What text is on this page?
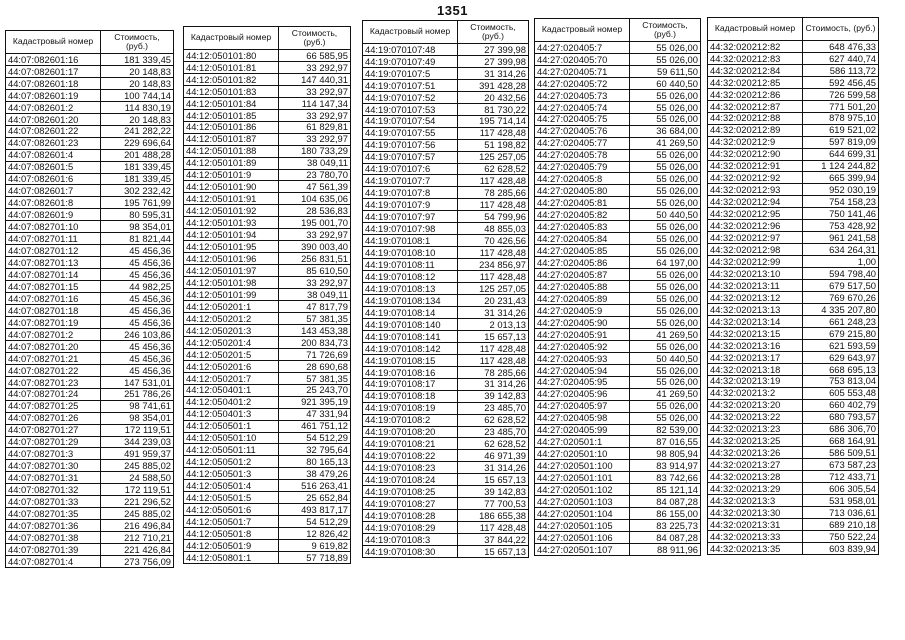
1351
Кадастровый номер	Стоимость, (руб.)
44:07:082601:16	181 339,45
44:07:082601:17	20 148,83
44:07:082601:18	20 148,83
44:07:082601:19	100 744,14
44:07:082601:2	114 830,19
44:07:082601:20	20 148,83
44:07:082601:22	241 282,22
44:07:082601:23	229 696,64
44:07:082601:4	201 488,28
44:07:082601:5	181 339,45
44:07:082601:6	181 339,45
44:07:082601:7	302 232,42
44:07:082601:8	195 761,99
44:07:082601:9	80 595,31
44:07:082701:10	98 354,01
44:07:082701:11	81 821,44
44:07:082701:12	45 456,36
44:07:082701:13	45 456,36
44:07:082701:14	45 456,36
44:07:082701:15	44 982,25
44:07:082701:16	45 456,36
44:07:082701:18	45 456,36
44:07:082701:19	45 456,36
44:07:082701:2	246 103,86
44:07:082701:20	45 456,36
44:07:082701:21	45 456,36
44:07:082701:22	45 456,36
44:07:082701:23	147 531,01
44:07:082701:24	251 786,26
44:07:082701:25	98 741,61
44:07:082701:26	98 354,01
44:07:082701:27	172 119,51
44:07:082701:29	344 239,03
44:07:082701:3	491 959,37
44:07:082701:30	245 885,02
44:07:082701:31	24 588,50
44:07:082701:32	172 119,51
44:07:082701:33	221 296,52
44:07:082701:35	245 885,02
44:07:082701:36	216 496,84
44:07:082701:38	212 710,21
44:07:082701:39	221 426,84
44:07:082701:4	273 756,09
Кадастровый номер	Стоимость, (руб.)
44:12:050101:80	66 585,95
44:12:050101:81	33 292,97
44:12:050101:82	147 440,31
44:12:050101:83	33 292,97
44:12:050101:84	114 147,34
44:12:050101:85	33 292,97
44:12:050101:86	61 829,81
44:12:050101:87	33 292,97
44:12:050101:88	180 733,29
44:12:050101:89	38 049,11
44:12:050101:9	23 780,70
44:12:050101:90	47 561,39
44:12:050101:91	104 635,06
44:12:050101:92	28 536,83
44:12:050101:93	195 001,70
44:12:050101:94	33 292,97
44:12:050101:95	390 003,40
44:12:050101:96	256 831,51
44:12:050101:97	85 610,50
44:12:050101:98	33 292,97
44:12:050101:99	38 049,11
44:12:050201:1	47 817,79
44:12:050201:2	57 381,35
44:12:050201:3	143 453,38
44:12:050201:4	200 834,73
44:12:050201:5	71 726,69
44:12:050201:6	28 690,68
44:12:050201:7	57 381,35
44:12:050401:1	25 243,70
44:12:050401:2	921 395,19
44:12:050401:3	47 331,94
44:12:050501:1	461 751,12
44:12:050501:10	54 512,29
44:12:050501:11	32 795,64
44:12:050501:2	80 165,13
44:12:050501:3	38 479,26
44:12:050501:4	516 263,41
44:12:050501:5	25 652,84
44:12:050501:6	493 817,17
44:12:050501:7	54 512,29
44:12:050501:8	12 826,42
44:12:050501:9	9 619,82
44:12:050801:1	57 718,89
Кадастровый номер	Стоимость, (руб.)
44:19:070107:48	27 399,98
44:19:070107:49	27 399,98
44:19:070107:5	31 314,26
44:19:070107:51	391 428,28
44:19:070107:52	20 432,56
44:19:070107:53	81 730,22
44:19:070107:54	195 714,14
44:19:070107:55	117 428,48
44:19:070107:56	51 198,82
44:19:070107:57	125 257,05
44:19:070107:6	62 628,52
44:19:070107:7	117 428,48
44:19:070107:8	78 285,66
44:19:070107:9	117 428,48
44:19:070107:97	54 799,96
44:19:070107:98	48 855,03
44:19:070108:1	70 426,56
44:19:070108:10	117 428,48
44:19:070108:11	234 856,97
44:19:070108:12	117 428,48
44:19:070108:13	125 257,05
44:19:070108:134	20 231,43
44:19:070108:14	31 314,26
44:19:070108:140	2 013,13
44:19:070108:141	15 657,13
44:19:070108:142	117 428,48
44:19:070108:15	117 428,48
44:19:070108:16	78 285,66
44:19:070108:17	31 314,26
44:19:070108:18	39 142,83
44:19:070108:19	23 485,70
44:19:070108:2	62 628,52
44:19:070108:20	23 485,70
44:19:070108:21	62 628,52
44:19:070108:22	46 971,39
44:19:070108:23	31 314,26
44:19:070108:24	15 657,13
44:19:070108:25	39 142,83
44:19:070108:27	77 700,53
44:19:070108:28	186 655,38
44:19:070108:29	117 428,48
44:19:070108:3	37 844,22
44:19:070108:30	15 657,13
Кадастровый номер	Стоимость, (руб.)
44:27:020405:7	55 026,00
44:27:020405:70	55 026,00
44:27:020405:71	59 611,50
44:27:020405:72	60 440,50
44:27:020405:73	55 026,00
44:27:020405:74	55 026,00
44:27:020405:75	55 026,00
44:27:020405:76	36 684,00
44:27:020405:77	41 269,50
44:27:020405:78	55 026,00
44:27:020405:79	55 026,00
44:27:020405:8	55 026,00
44:27:020405:80	55 026,00
44:27:020405:81	55 026,00
44:27:020405:82	50 440,50
44:27:020405:83	55 026,00
44:27:020405:84	55 026,00
44:27:020405:85	55 026,00
44:27:020405:86	64 197,00
44:27:020405:87	55 026,00
44:27:020405:88	55 026,00
44:27:020405:89	55 026,00
44:27:020405:9	55 026,00
44:27:020405:90	55 026,00
44:27:020405:91	41 269,50
44:27:020405:92	55 026,00
44:27:020405:93	50 440,50
44:27:020405:94	55 026,00
44:27:020405:95	55 026,00
44:27:020405:96	41 269,50
44:27:020405:97	55 026,00
44:27:020405:98	55 026,00
44:27:020405:99	82 539,00
44:27:020501:1	87 016,55
44:27:020501:10	98 805,94
44:27:020501:100	83 914,97
44:27:020501:101	83 742,66
44:27:020501:102	85 121,14
44:27:020501:103	84 087,28
44:27:020501:104	86 155,00
44:27:020501:105	83 225,73
44:27:020501:106	84 087,28
44:27:020501:107	88 911,96
Кадастровый номер	Стоимость, (руб.)
44:32:020212:82	648 476,33
44:32:020212:83	627 440,74
44:32:020212:84	586 113,72
44:32:020212:85	592 456,45
44:32:020212:86	726 599,58
44:32:020212:87	771 501,20
44:32:020212:88	878 975,10
44:32:020212:89	619 521,02
44:32:020212:9	597 819,09
44:32:020212:90	644 699,31
44:32:020212:91	1 124 244,82
44:32:020212:92	665 399,94
44:32:020212:93	952 030,19
44:32:020212:94	754 158,23
44:32:020212:95	750 141,46
44:32:020212:96	753 428,92
44:32:020212:97	961 241,58
44:32:020212:98	634 264,31
44:32:020212:99	1,00
44:32:020213:10	594 798,40
44:32:020213:11	679 517,50
44:32:020213:12	769 670,26
44:32:020213:13	4 335 207,80
44:32:020213:14	661 248,23
44:32:020213:15	679 215,80
44:32:020213:16	621 593,59
44:32:020213:17	629 643,97
44:32:020213:18	668 695,13
44:32:020213:19	753 813,04
44:32:020213:2	605 553,48
44:32:020213:20	660 402,79
44:32:020213:22	680 793,57
44:32:020213:23	686 306,70
44:32:020213:25	668 164,91
44:32:020213:26	586 509,51
44:32:020213:27	673 587,23
44:32:020213:28	712 433,71
44:32:020213:29	606 305,54
44:32:020213:3	531 958,01
44:32:020213:30	713 036,61
44:32:020213:31	689 210,18
44:32:020213:33	750 522,24
44:32:020213:35	603 839,94
